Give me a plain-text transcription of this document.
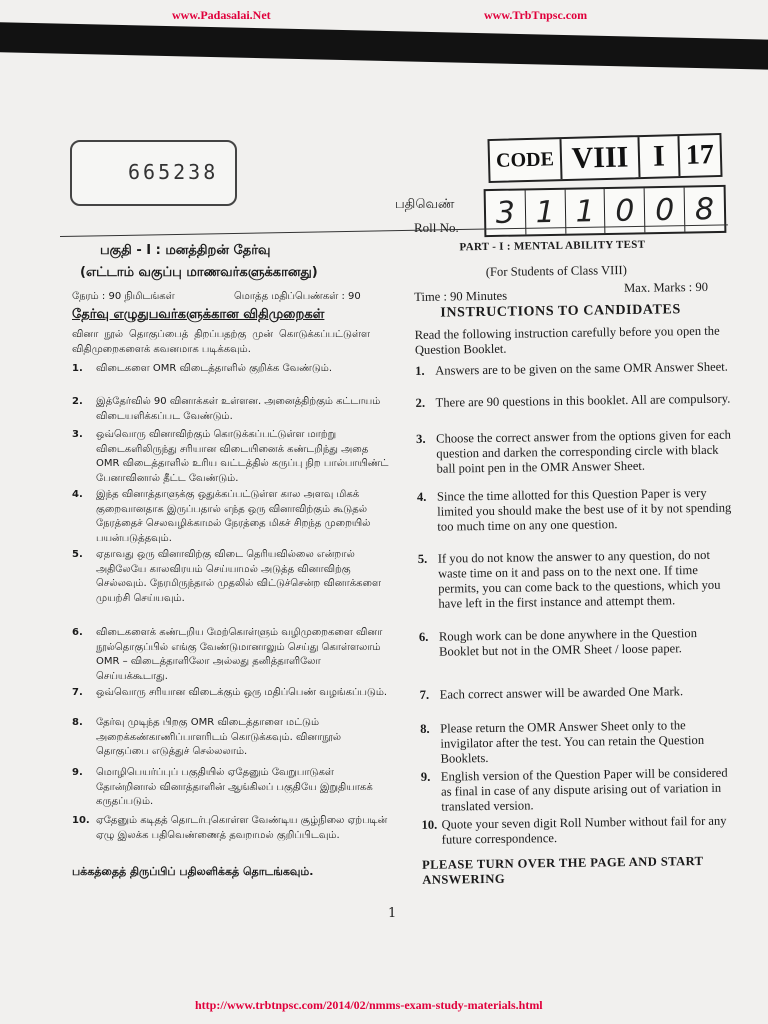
www.Padasalai.Net	www.TrbTnpsc.com
665238
CODE VIII I 17
பதிவெண்
Roll No.	3 1 1 0 0 8
பகுதி - I : மனத்திறன் தேர்வு
(எட்டாம் வகுப்பு மாணவர்களுக்கானது)
நேரம் : 90 நிமிடங்கள்	மொத்த மதிப்பெண்கள் : 90
தேர்வு எழுதுபவர்களுக்கான விதிமுறைகள்
வினா நூல் தொகுப்பைத் திறப்பதற்கு முன் கொடுக்கப்பட்டுள்ள விதிமுறைகளைக் கவனமாக படிக்கவும்.
1. விடைகளை OMR விடைத்தாளில் குறிக்க வேண்டும்.
2. இத்தேர்வில் 90 வினாக்கள் உள்ளன. அனைத்திற்கும் கட்டாயம் விடையளிக்கப்பட வேண்டும்.
3. ஒவ்வொரு வினாவிற்கும் கொடுக்கப்பட்டுள்ள மாற்று விடைகளிலிருந்து சரியான விடையினைக் கண்டறிந்து அதை OMR விடைத்தாளில் உரிய வட்டத்தில் கருப்பு நிற பால்பாயிண்ட் பேனாவினால் தீட்ட வேண்டும்.
4. இந்த வினாத்தாளுக்கு ஒதுக்கப்பட்டுள்ள கால அளவு மிகக் குறைவானதாக இருப்பதால் எந்த ஒரு வினாவிற்கும் கூடுதல் நேரத்தைச் செலவழிக்காமல் நேரத்தை மிகச் சிறந்த முறையில் பயன்படுத்தவும்.
5. ஏதாவது ஒரு வினாவிற்கு விடை தெரியவில்லை என்றால் அதிலேயே காலவிரயம் செய்யாமல் அடுத்த வினாவிற்கு செல்லவும். நேரமிருந்தால் முதலில் விட்டுச்சென்ற வினாக்களை முயற்சி செய்யவும்.
6. விடைகளைக் கண்டறிய மேற்கொள்ளும் வழிமுறைகளை வினா நூல்தொகுப்பில் எங்கு வேண்டுமானாலும் செய்து கொள்ளலாம் OMR – விடைத்தாளிலோ அல்லது தனித்தாளிலோ செய்யக்கூடாது.
7. ஒவ்வொரு சரியான விடைக்கும் ஒரு மதிப்பெண் வழங்கப்படும்.
8. தேர்வு முடிந்த பிறகு OMR விடைத்தாளை மட்டும் அறைக்கண்காணிப்பாளரிடம் கொடுக்கவும். வினாநூல் தொகுப்பை எடுத்துச் செல்லலாம்.
9. மொழிபெயர்ப்புப் பகுதியில் ஏதேனும் வேறுபாடுகள் தோன்றினால் வினாத்தாளின் ஆங்கிலப் பகுதியே இறுதியாகக் கருதப்படும்.
10. ஏதேனும் கடிதத் தொடர்புகொள்ள வேண்டிய சூழ்நிலை ஏற்படின் ஏழு இலக்க பதிவெண்ணைத் தவறாமல் குறிப்பிடவும்.
பக்கத்தைத் திருப்பிப் பதிலளிக்கத் தொடங்கவும்.
PART - I : MENTAL ABILITY TEST
(For Students of Class VIII)
Time : 90 Minutes
Max. Marks : 90
INSTRUCTIONS TO CANDIDATES
Read the following instruction carefully before you open the Question Booklet.
1. Answers are to be given on the same OMR Answer Sheet.
2. There are 90 questions in this booklet. All are compulsory.
3. Choose the correct answer from the options given for each question and darken the corresponding circle with black ball point pen in the OMR Answer Sheet.
4. Since the time allotted for this Question Paper is very limited you should make the best use of it by not spending too much time on any one question.
5. If you do not know the answer to any question, do not waste time on it and pass on to the next one. If time permits, you can come back to the questions, which you have left in the first instance and attempt them.
6. Rough work can be done anywhere in the Question Booklet but not in the OMR Sheet / loose paper.
7. Each correct answer will be awarded One Mark.
8. Please return the OMR Answer Sheet only to the invigilator after the test. You can retain the Question Booklets.
9. English version of the Question Paper will be considered as final in case of any dispute arising out of variation in translated version.
10. Quote your seven digit Roll Number without fail for any future correspondence.
PLEASE TURN OVER THE PAGE AND START ANSWERING
1
http://www.trbtnpsc.com/2014/02/nmms-exam-study-materials.html
